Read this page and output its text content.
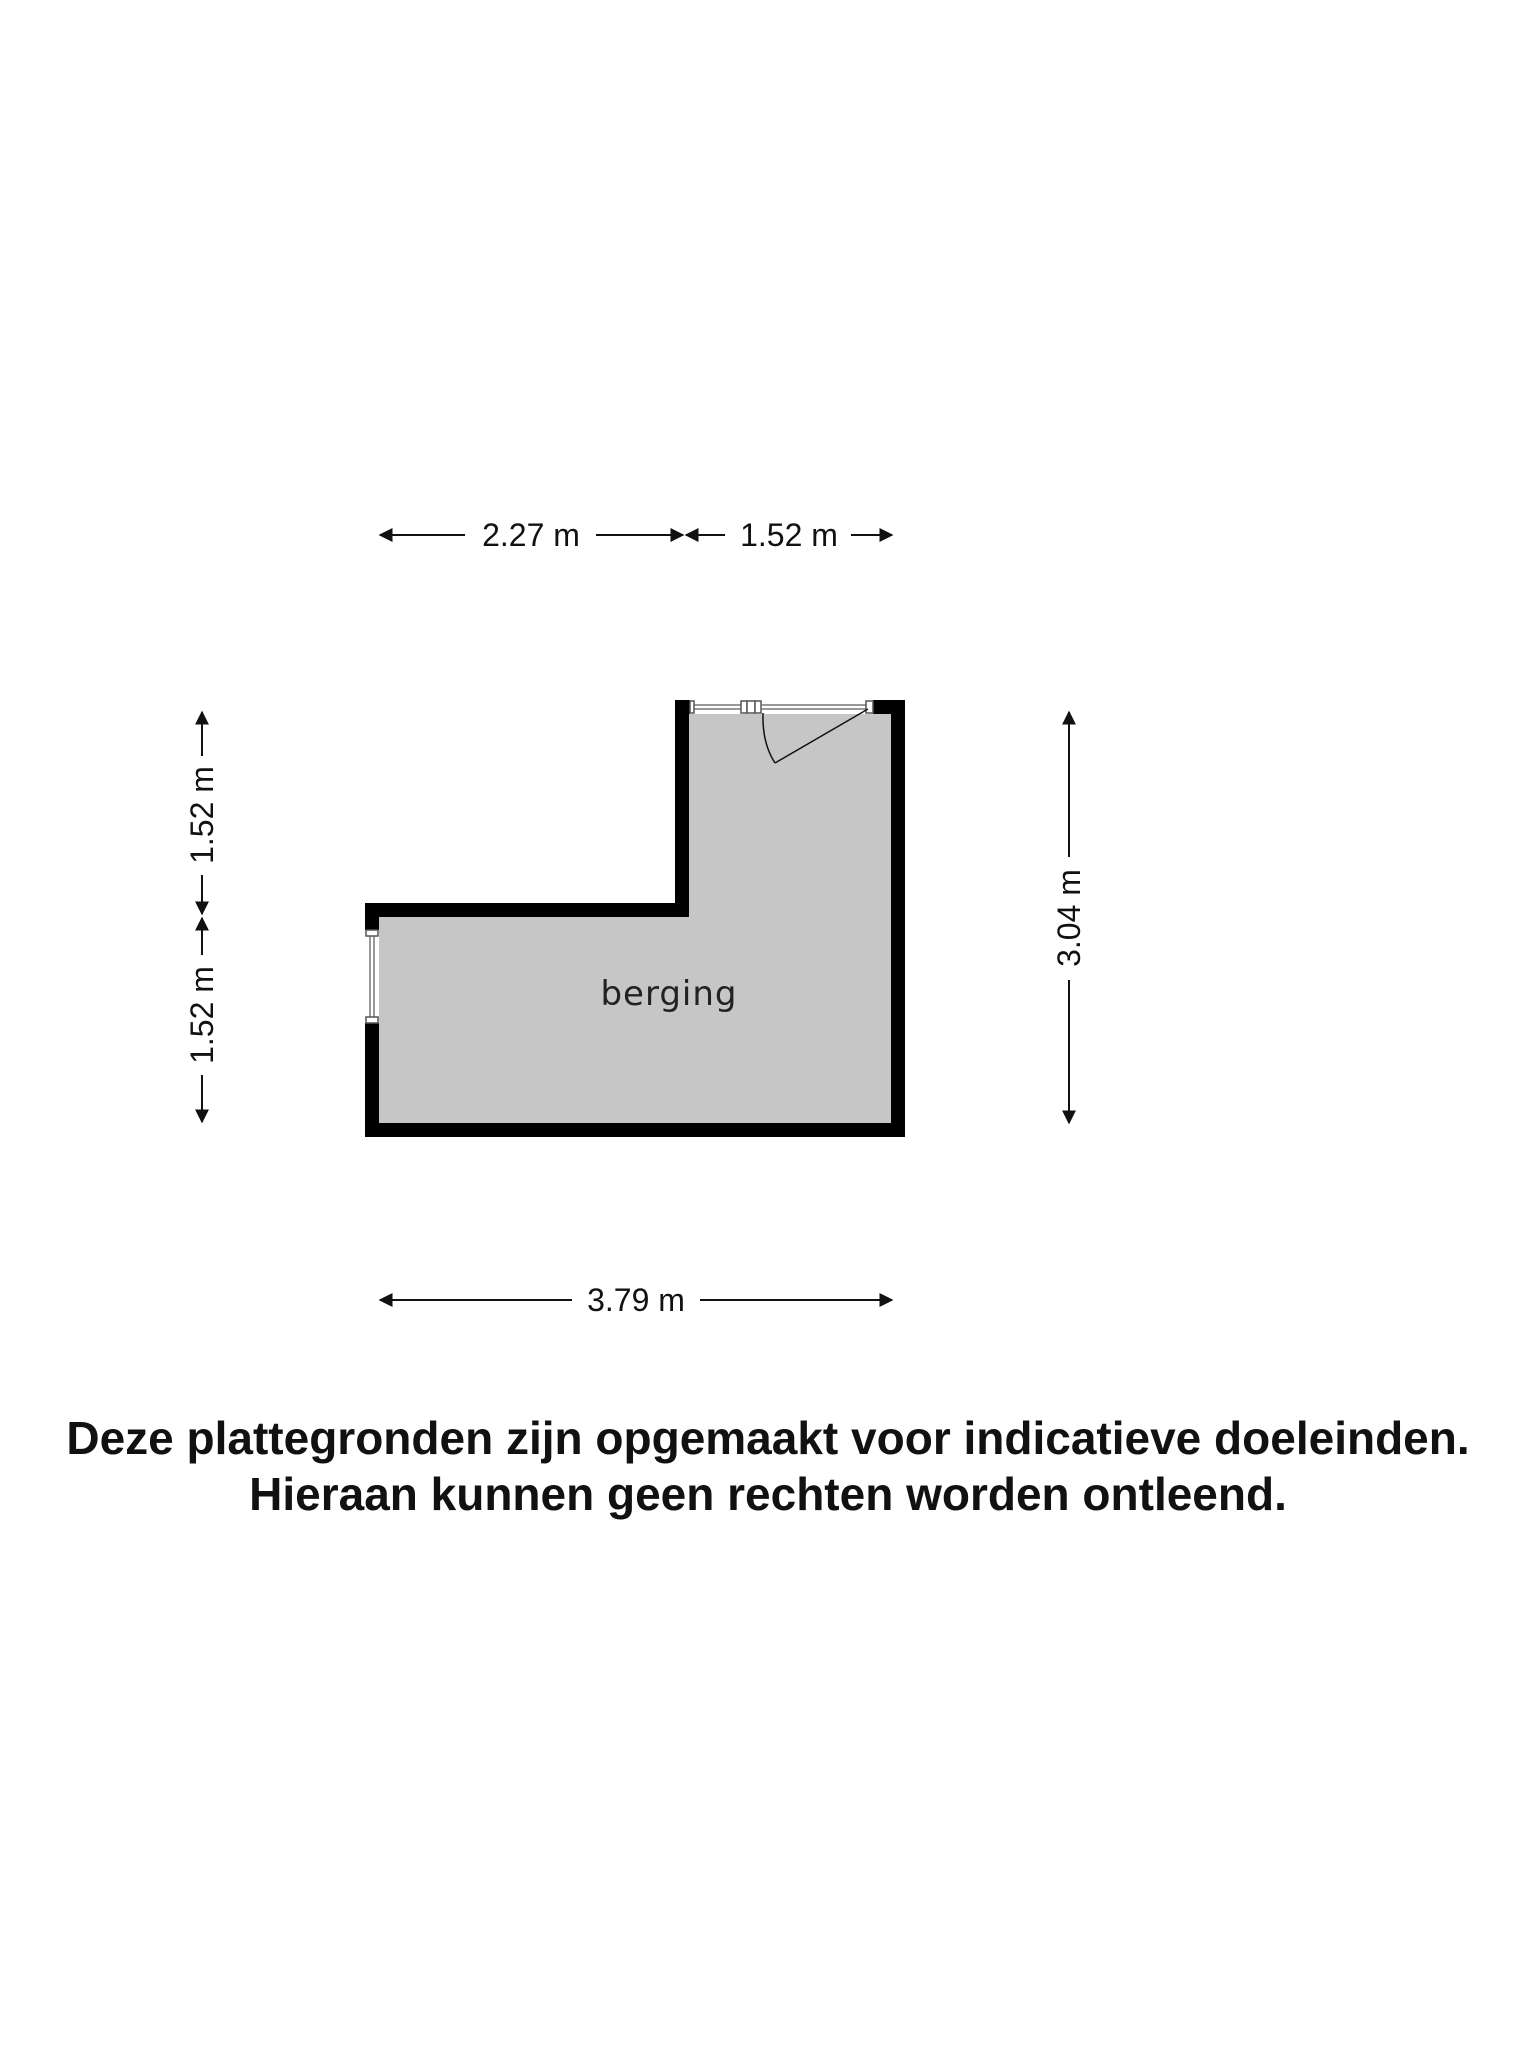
berging
2.27 m	1.52 m
1.52 m
1.52 m
3.04 m
3.79 m
Deze plattegronden zijn opgemaakt voor indicatieve doeleinden.
Hieraan kunnen geen rechten worden ontleend.
